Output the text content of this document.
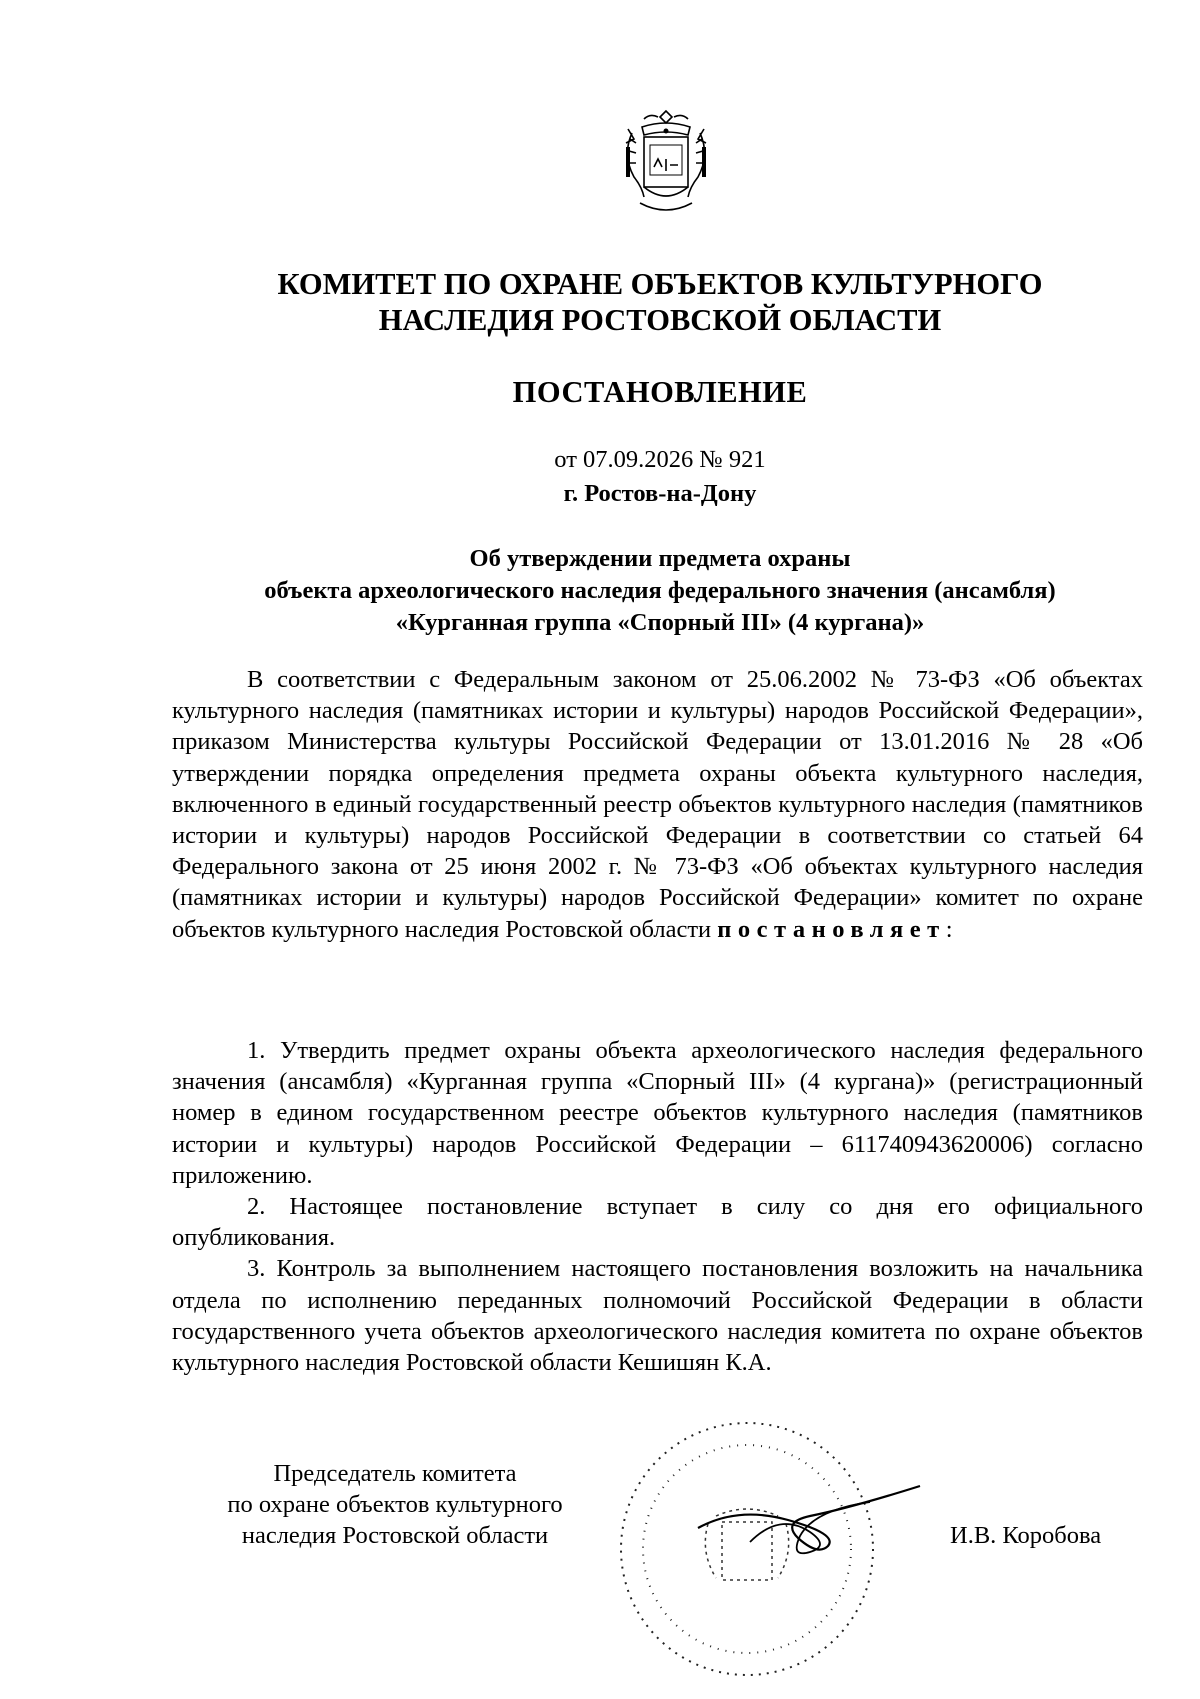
КОМИТЕТ ПО ОХРАНЕ ОБЪЕКТОВ КУЛЬТУРНОГО
НАСЛЕДИЯ РОСТОВСКОЙ ОБЛАСТИ
ПОСТАНОВЛЕНИЕ
от 07.09.2026 № 921
г. Ростов-на-Дону
Об утверждении предмета охраны
объекта археологического наследия федерального значения (ансамбля)
«Курганная группа «Спорный III» (4 кургана)»
В соответствии с Федеральным законом от 25.06.2002 № 73-ФЗ «Об объектах культурного наследия (памятниках истории и культуры) народов Российской Федерации», приказом Министерства культуры Российской Федерации от 13.01.2016 № 28 «Об утверждении порядка определения предмета охраны объекта культурного наследия, включенного в единый государственный реестр объектов культурного наследия (памятников истории и культуры) народов Российской Федерации в соответствии со статьей 64 Федерального закона от 25 июня 2002 г. № 73-ФЗ «Об объектах культурного наследия (памятниках истории и культуры) народов Российской Федерации» комитет по охране объектов культурного наследия Ростовской области постановляет:
1. Утвердить предмет охраны объекта археологического наследия федерального значения (ансамбля) «Курганная группа «Спорный III» (4 кургана)» (регистрационный номер в едином государственном реестре объектов культурного наследия (памятников истории и культуры) народов Российской Федерации – 611740943620006) согласно приложению.
2. Настоящее постановление вступает в силу со дня его официального опубликования.
3. Контроль за выполнением настоящего постановления возложить на начальника отдела по исполнению переданных полномочий Российской Федерации в области государственного учета объектов археологического наследия комитета по охране объектов культурного наследия Ростовской области Кешишян К.А.
Председатель комитета
по охране объектов культурного
наследия Ростовской области	И.В. Коробова
